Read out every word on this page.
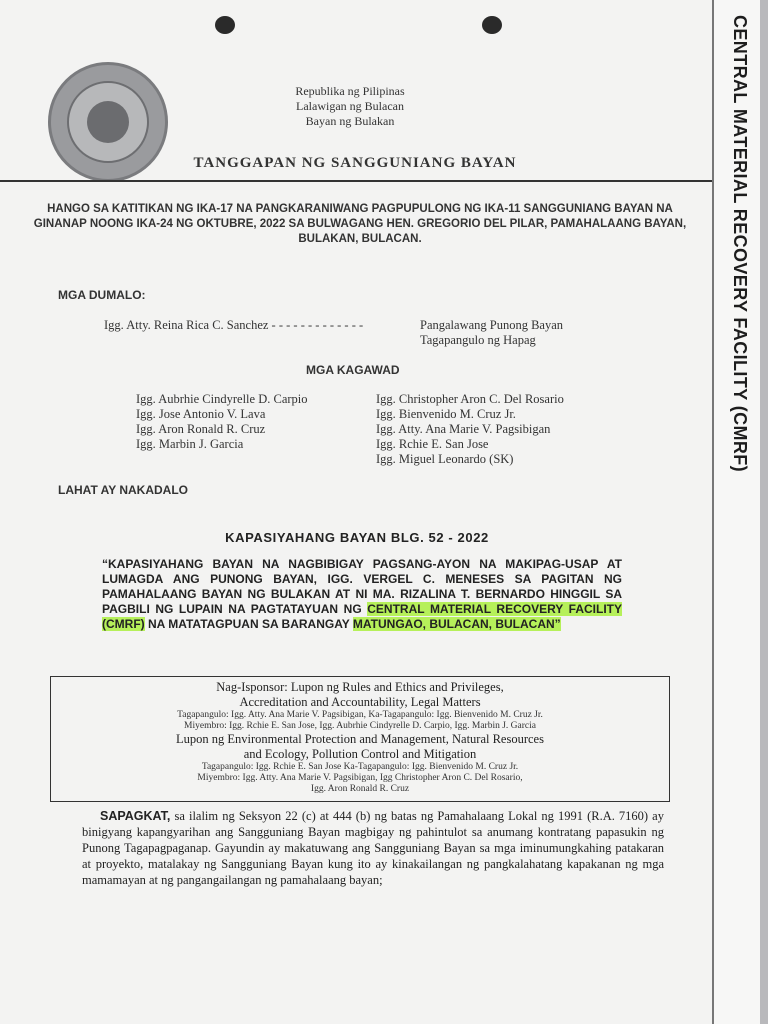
Republika ng Pilipinas
Lalawigan ng Bulacan
Bayan ng Bulakan
TANGGAPAN NG SANGGUNIANG BAYAN
HANGO SA KATITIKAN NG IKA-17 NA PANGKARANIWANG PAGPUPULONG NG IKA-11 SANGGUNIANG BAYAN NA GINANAP NOONG IKA-24 NG OKTUBRE, 2022 SA BULWAGANG HEN. GREGORIO DEL PILAR, PAMAHALAANG BAYAN, BULAKAN, BULACAN.
MGA DUMALO:
Igg. Atty. Reina Rica C. Sanchez - - - - - - - - - - - - -	Pangalawang Punong Bayan
Tagapangulo ng Hapag
MGA KAGAWAD
Igg. Aubrhie Cindyrelle D. Carpio
Igg. Jose Antonio V. Lava
Igg. Aron Ronald R. Cruz
Igg. Marbin J. Garcia
Igg. Christopher Aron C. Del Rosario
Igg. Bienvenido M. Cruz Jr.
Igg. Atty. Ana Marie V. Pagsibigan
Igg. Rchie E. San Jose
Igg. Miguel Leonardo (SK)
LAHAT AY NAKADALO
KAPASIYAHANG BAYAN BLG. 52 - 2022
“KAPASIYAHANG BAYAN NA NAGBIBIGAY PAGSANG-AYON NA MAKIPAG-USAP AT LUMAGDA ANG PUNONG BAYAN, IGG. VERGEL C. MENESES SA PAGITAN NG PAMAHALAANG BAYAN NG BULAKAN AT NI MA. RIZALINA T. BERNARDO HINGGIL SA PAGBILI NG LUPAIN NA PAGTATAYUAN NG CENTRAL MATERIAL RECOVERY FACILITY (CMRF) NA MATATAGPUAN SA BARANGAY MATUNGAO, BULACAN, BULACAN”
Nag-Isponsor: Lupon ng Rules and Ethics and Privileges,
Accreditation and Accountability, Legal Matters
Tagapangulo: Igg. Atty. Ana Marie V. Pagsibigan, Ka-Tagapangulo: Igg. Bienvenido M. Cruz Jr.
Miyembro: Igg. Rchie E. San Jose, Igg. Aubrhie Cindyrelle D. Carpio, Igg. Marbin J. Garcia
Lupon ng Environmental Protection and Management, Natural Resources
and Ecology, Pollution Control and Mitigation
Tagapangulo: Igg. Rchie E. San Jose Ka-Tagapangulo: Igg. Bienvenido M. Cruz Jr.
Miyembro: Igg. Atty. Ana Marie V. Pagsibigan, Igg Christopher Aron C. Del Rosario,
Igg. Aron Ronald R. Cruz
SAPAGKAT, sa ilalim ng Seksyon 22 (c) at 444 (b) ng batas ng Pamahalaang Lokal ng 1991 (R.A. 7160) ay binigyang kapangyarihan ang Sangguniang Bayan magbigay ng pahintulot sa anumang kontratang papasukin ng Punong Tagapagpaganap. Gayundin ay makatuwang ang Sangguniang Bayan sa mga iminumungkahing patakaran at proyekto, matalakay ng Sangguniang Bayan kung ito ay kinakailangan ng pangkalahatang kapakanan ng mga mamamayan at ng pangangailangan ng pamahalaang bayan;
CENTRAL MATERIAL RECOVERY FACILITY (CMRF)
